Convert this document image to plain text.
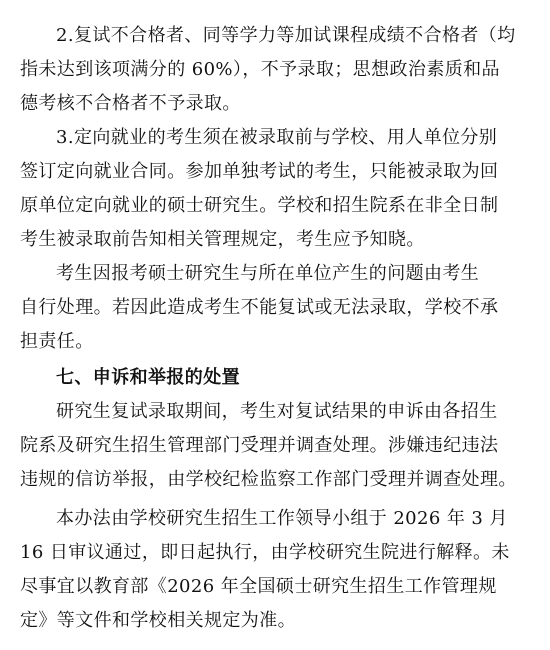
2.复试不合格者、同等学力等加试课程成绩不合格者（均
指未达到该项满分的 60%），不予录取；思想政治素质和品
德考核不合格者不予录取。
3.定向就业的考生须在被录取前与学校、用人单位分别
签订定向就业合同。参加单独考试的考生，只能被录取为回
原单位定向就业的硕士研究生。学校和招生院系在非全日制
考生被录取前告知相关管理规定，考生应予知晓。
考生因报考硕士研究生与所在单位产生的问题由考生
自行处理。若因此造成考生不能复试或无法录取，学校不承
担责任。
七、申诉和举报的处置
研究生复试录取期间，考生对复试结果的申诉由各招生
院系及研究生招生管理部门受理并调查处理。涉嫌违纪违法
违规的信访举报，由学校纪检监察工作部门受理并调查处理。
本办法由学校研究生招生工作领导小组于 2026 年 3 月
16 日审议通过，即日起执行，由学校研究生院进行解释。未
尽事宜以教育部《2026 年全国硕士研究生招生工作管理规
定》等文件和学校相关规定为准。
